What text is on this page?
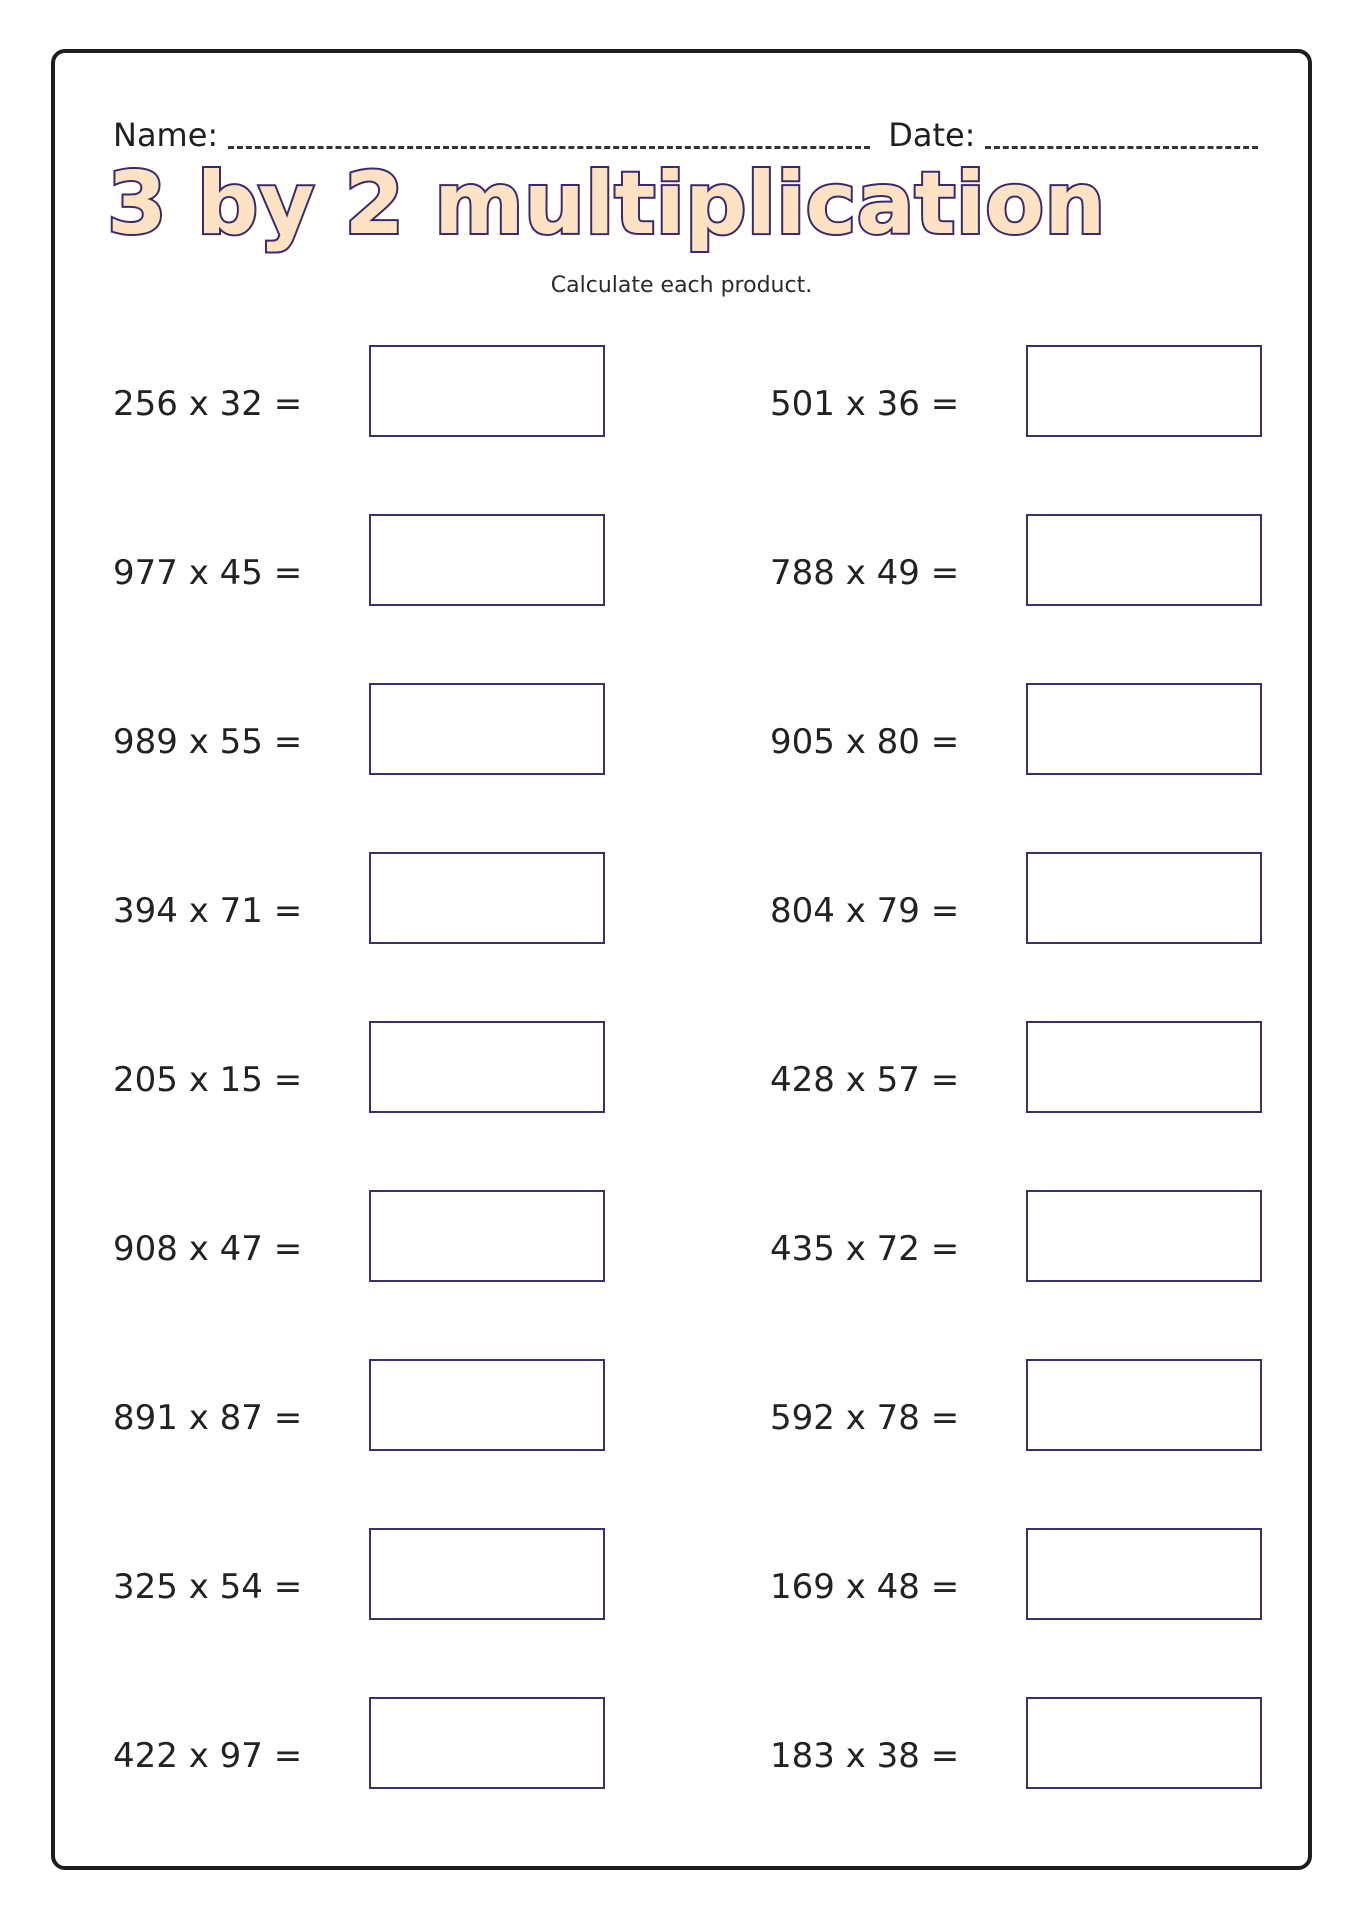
Name:	Date:
3 by 2 multiplication
Calculate each product.
256 x 32 =
977 x 45 =
989 x 55 =
394 x 71 =
205 x 15 =
908 x 47 =
891 x 87 =
325 x 54 =
422 x 97 =
501 x 36 =
788 x 49 =
905 x 80 =
804 x 79 =
428 x 57 =
435 x 72 =
592 x 78 =
169 x 48 =
183 x 38 =
